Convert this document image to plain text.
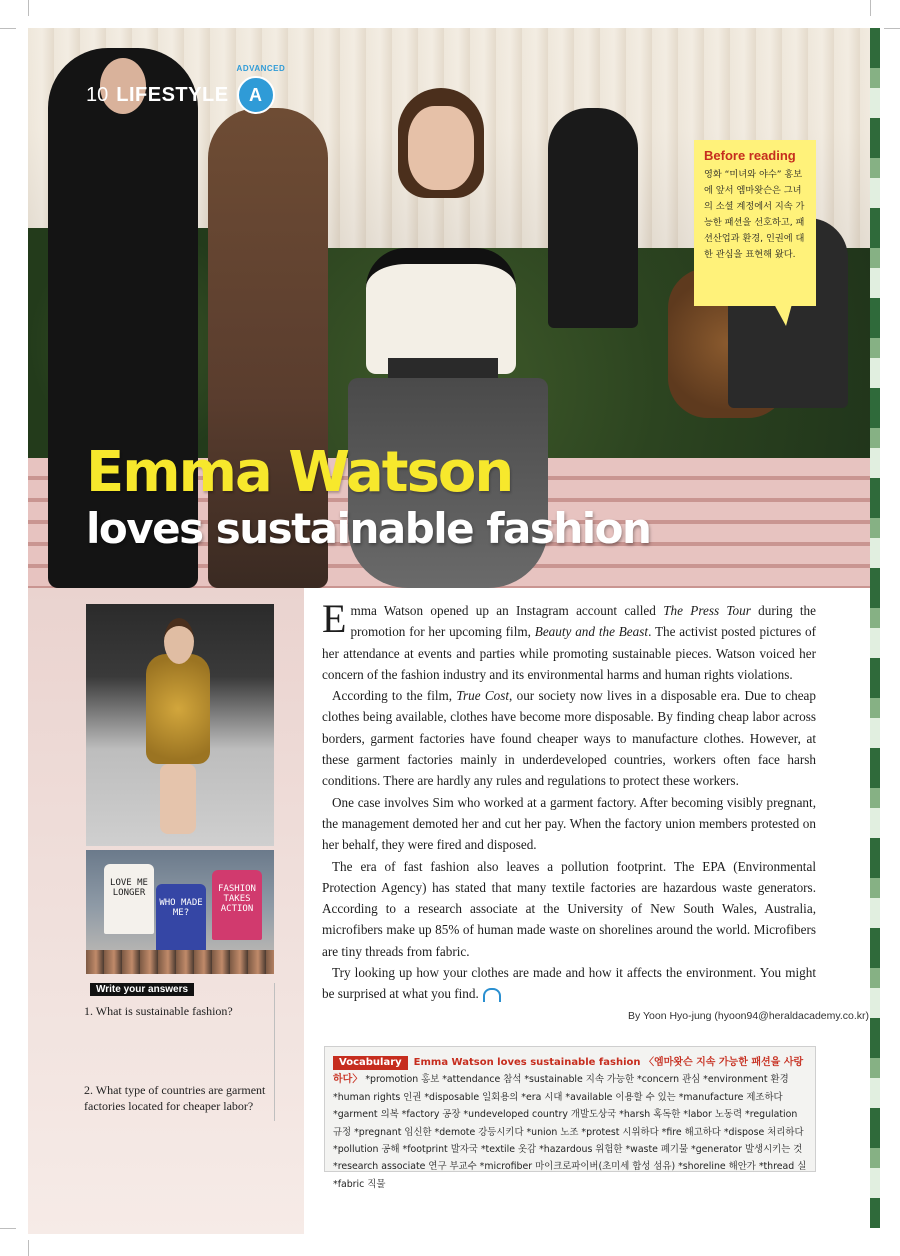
10 LIFESTYLE
ADVANCED
A
Emma Watson
loves sustainable fashion
Before reading
영화 “미녀와 야수” 홍보에 앞서 엠마왓슨은 그녀의 소셜 계정에서 지속 가능한 패션을 선호하고, 패션산업과 환경, 인권에 대한 관심을 표현해 왔다.
LOVE ME LONGER
WHO MADE ME?
FASHION TAKES ACTION
Write your answers
1. What is sustainable fashion?
2. What type of countries are garment factories located for cheaper labor?

Emma Watson opened up an Instagram account called The Press Tour during the promotion for her upcoming film, Beauty and the Beast. The activist posted pictures of her attendance at events and parties while promoting sustainable pieces. Watson voiced her concern of the fashion industry and its environmental harms and human rights violations.

According to the film, True Cost, our society now lives in a disposable era. Due to cheap clothes being available, clothes have become more disposable. By finding cheap labor across borders, garment factories have found cheaper ways to manufacture clothes. However, at these garment factories mainly in underdeveloped countries, workers often face harsh conditions. There are hardly any rules and regulations to protect these workers.

One case involves Sim who worked at a garment factory. After becoming visibly pregnant, the management demoted her and cut her pay. When the factory union members protested on her behalf, they were fired and disposed.

The era of fast fashion also leaves a pollution footprint. The EPA (Environmental Protection Agency) has stated that many textile factories are hazardous waste generators. According to a research associate at the University of New South Wales, Australia, microfibers make up 85% of human made waste on shorelines around the world. Microfibers are tiny threads from fabric.

Try looking up how your clothes are made and how it affects the environment. You might be surprised at what you find.

By Yoon Hyo-jung (hyoon94@heraldacademy.co.kr)
Vocabulary Emma Watson loves sustainable fashion 〈엠마왓슨 지속 가능한 패션을 사랑하다〉 *promotion 홍보 *attendance 참석 *sustainable 지속 가능한 *concern 관심 *environment 환경 *human rights 인권 *disposable 일회용의 *era 시대 *available 이용할 수 있는 *manufacture 제조하다 *garment 의복 *factory 공장 *undeveloped country 개발도상국 *harsh 혹독한 *labor 노동력 *regulation 규정 *pregnant 임신한 *demote 강등시키다 *union 노조 *protest 시위하다 *fire 해고하다 *dispose 처리하다 *pollution 공해 *footprint 발자국 *textile 옷감 *hazardous 위험한 *waste 폐기물 *generator 발생시키는 것 *research associate 연구 부교수 *microfiber 마이크로파이버(초미세 합성 섬유) *shoreline 해안가 *thread 실 *fabric 직물
